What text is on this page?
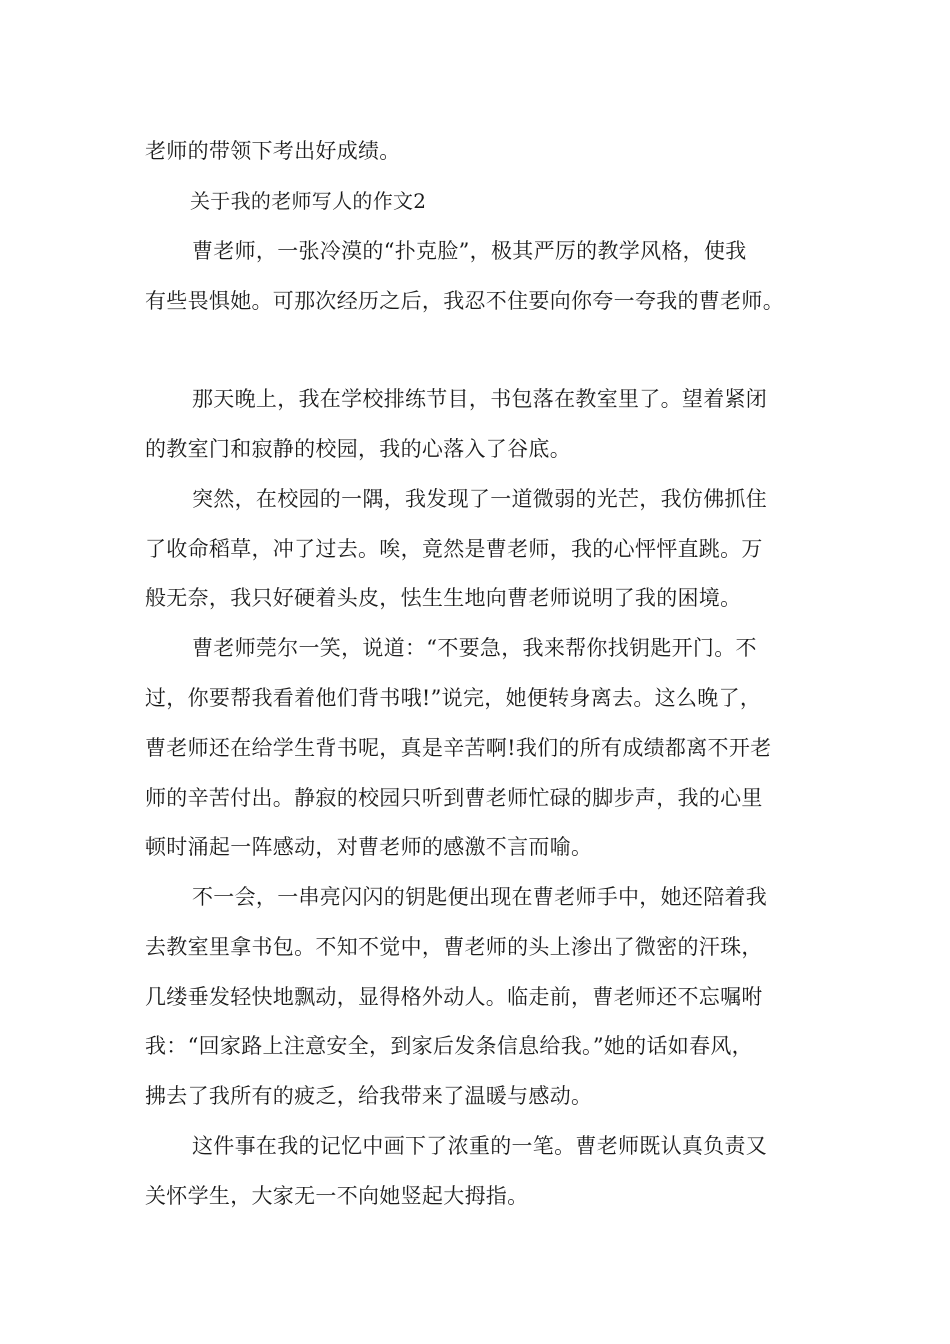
老师的带领下考出好成绩。
关于我的老师写人的作文2
曹老师，一张冷漠的“扑克脸”，极其严厉的教学风格，使我
有些畏惧她。可那次经历之后，我忍不住要向你夸一夸我的曹老师。
那天晚上，我在学校排练节目，书包落在教室里了。望着紧闭
的教室门和寂静的校园，我的心落入了谷底。
突然，在校园的一隅，我发现了一道微弱的光芒，我仿佛抓住
了收命稻草，冲了过去。唉，竟然是曹老师，我的心怦怦直跳。万
般无奈，我只好硬着头皮，怯生生地向曹老师说明了我的困境。
曹老师莞尔一笑，说道：“不要急，我来帮你找钥匙开门。不
过，你要帮我看着他们背书哦!”说完，她便转身离去。这么晚了，
曹老师还在给学生背书呢，真是辛苦啊!我们的所有成绩都离不开老
师的辛苦付出。静寂的校园只听到曹老师忙碌的脚步声，我的心里
顿时涌起一阵感动，对曹老师的感激不言而喻。
不一会，一串亮闪闪的钥匙便出现在曹老师手中，她还陪着我
去教室里拿书包。不知不觉中，曹老师的头上渗出了微密的汗珠，
几缕垂发轻快地飘动，显得格外动人。临走前，曹老师还不忘嘱咐
我：“回家路上注意安全，到家后发条信息给我。”她的话如春风，
拂去了我所有的疲乏，给我带来了温暖与感动。
这件事在我的记忆中画下了浓重的一笔。曹老师既认真负责又
关怀学生，大家无一不向她竖起大拇指。
